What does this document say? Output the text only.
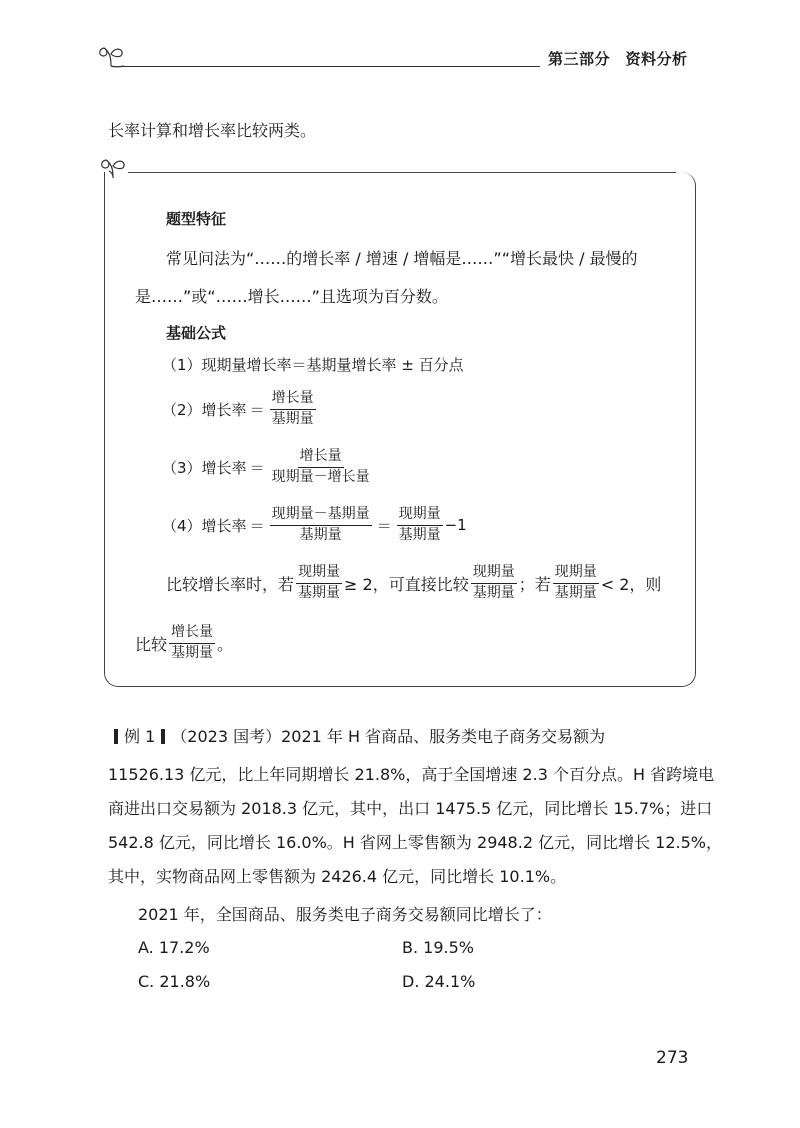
第三部分　资料分析
长率计算和增长率比较两类。
题型特征
常见问法为“……的增长率 / 增速 / 增幅是……”“增长最快 / 最慢的
是……”或“……增长……”且选项为百分数。
基础公式
（1） 现期量增长率＝基期量增长率 ± 百分点
（2） 增长率 ＝ $\frac{\text{增长量}}{\text{基期量}}$
（3） 增长率 ＝ $\frac{\text{增长量}}{\text{现期量－增长量}}$
（4） 增长率 ＝ $\frac{\text{现期量－基期量}}{\text{基期量}} = \frac{\text{现期量}}{\text{基期量}} -1$
比较增长率时，若 $\frac{\text{现期量}}{\text{基期量}} \ge 2$，可直接比较 $\frac{\text{现期量}}{\text{基期量}}$ ；若 $\frac{\text{现期量}}{\text{基期量}} < 2$，则
比较 $\frac{\text{增长量}}{\text{基期量}}$ 。
例 1 （2023 国考）2021 年 H 省商品、服务类电子商务交易额为
11526.13 亿元，比上年同期增长 21.8%，高于全国增速 2.3 个百分点。H 省跨境电
商进出口交易额为 2018.3 亿元，其中，出口 1475.5 亿元，同比增长 15.7%；进口
542.8 亿元，同比增长 16.0%。H 省网上零售额为 2948.2 亿元，同比增长 12.5%，
其中，实物商品网上零售额为 2426.4 亿元，同比增长 10.1%。
2021 年，全国商品、服务类电子商务交易额同比增长了：
A. 17.2%	B. 19.5%
C. 21.8%	D. 24.1%
273
